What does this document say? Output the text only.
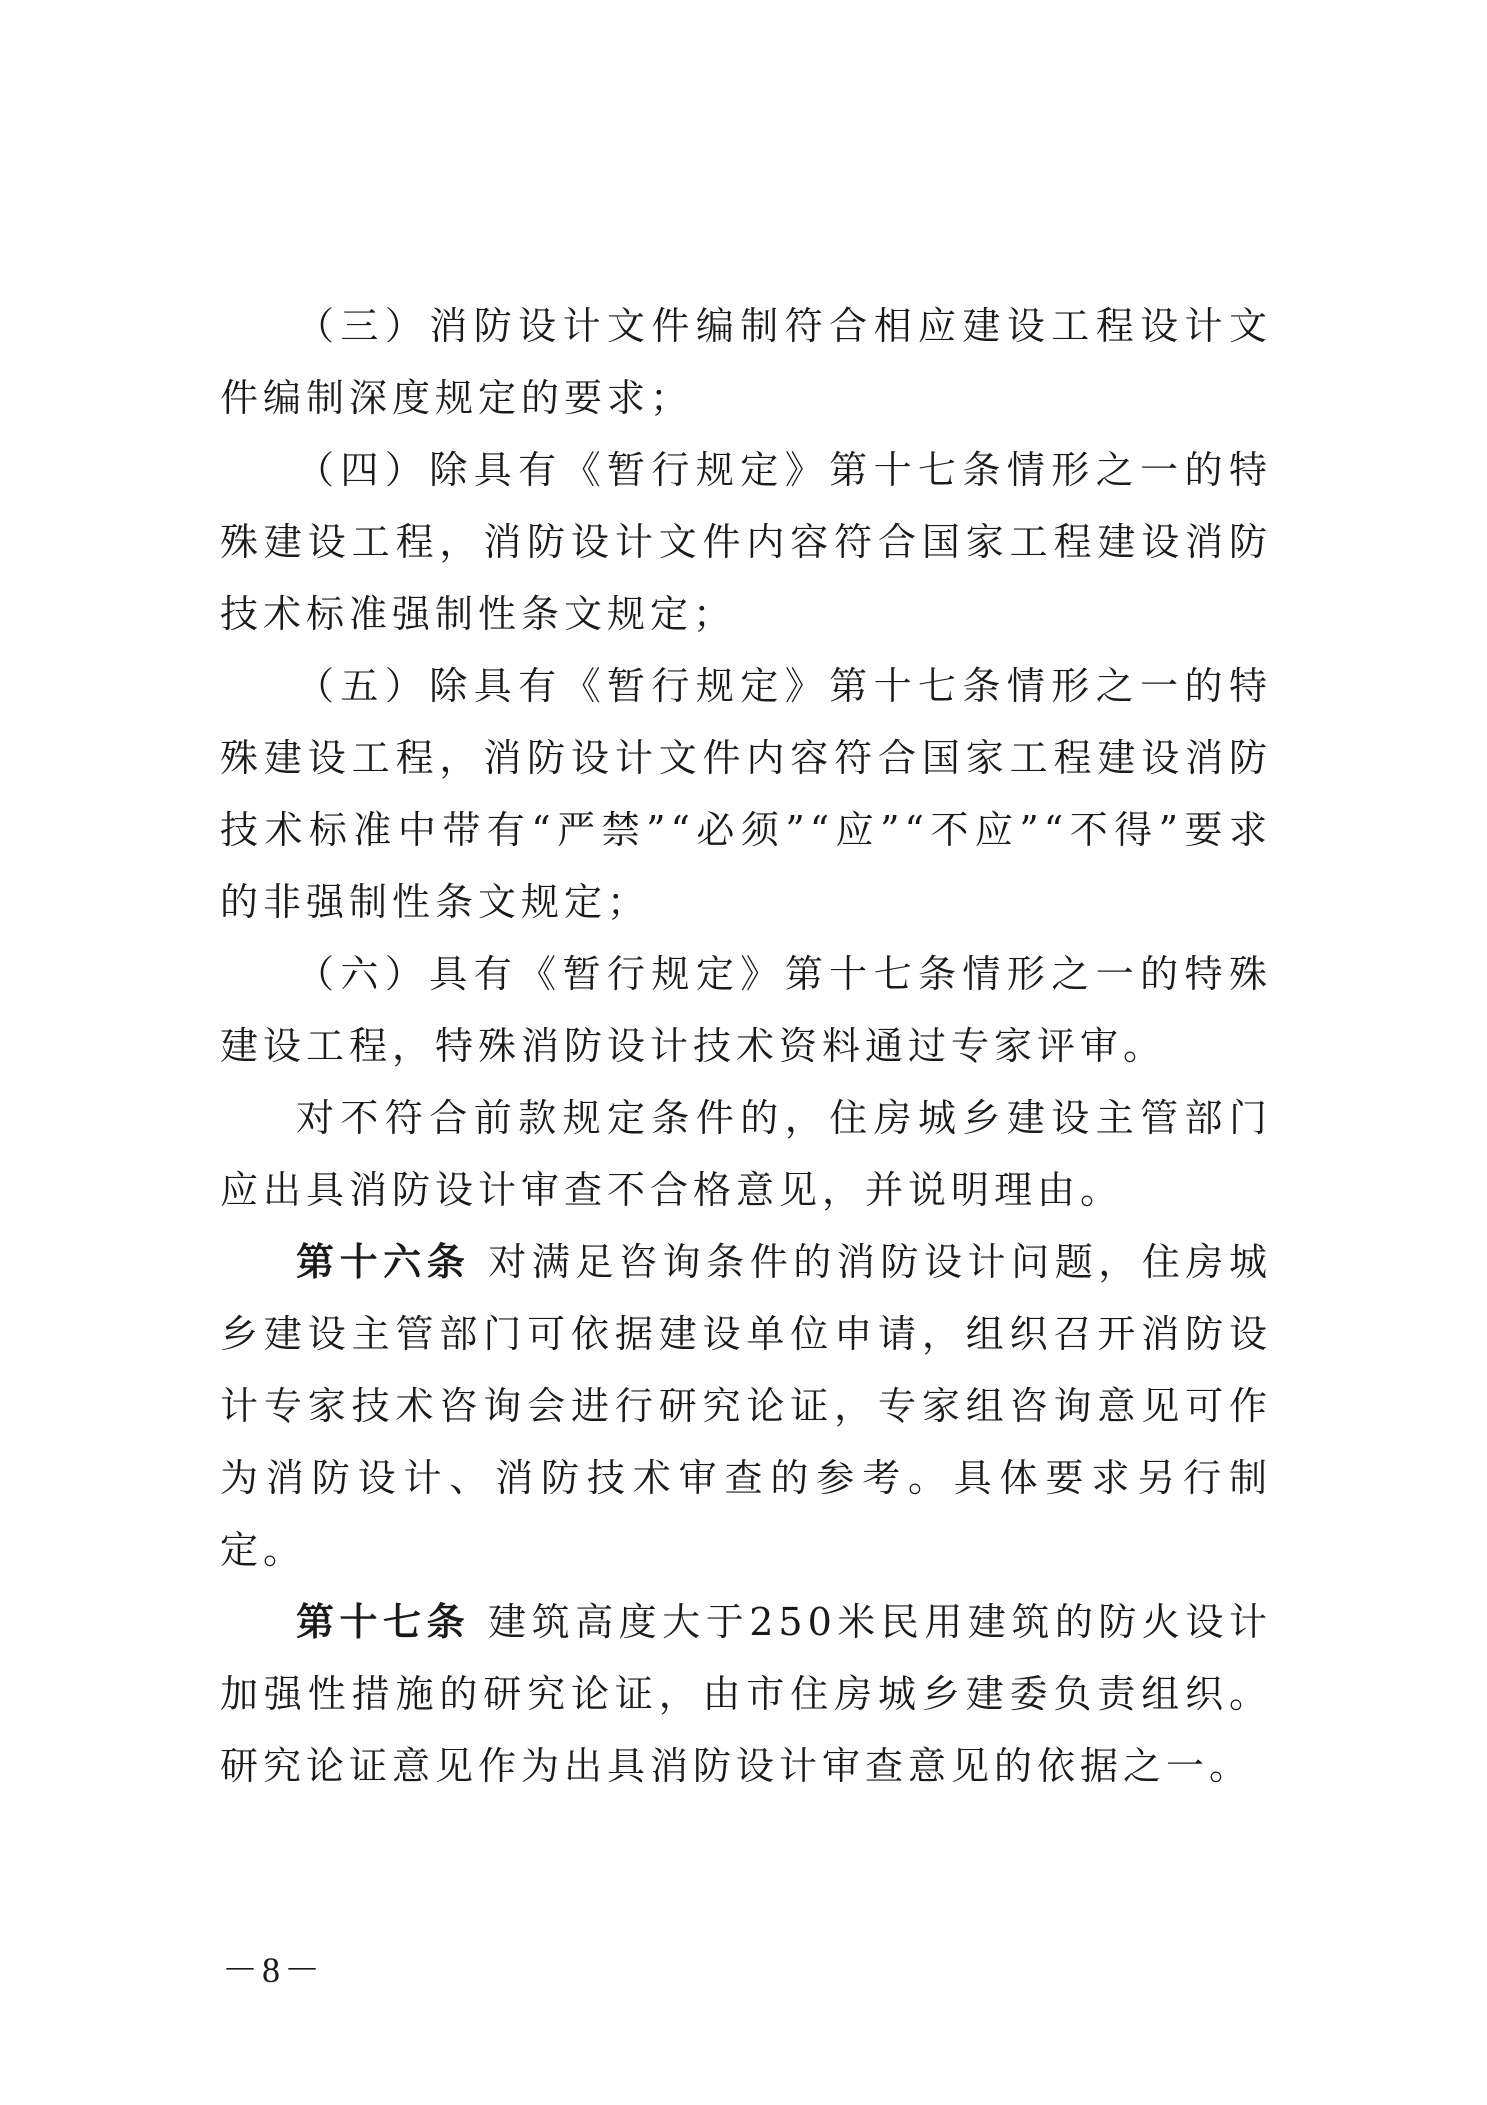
（三）消防设计文件编制符合相应建设工程设计文件编制深度规定的要求；

（四）除具有《暂行规定》第十七条情形之一的特殊建设工程，消防设计文件内容符合国家工程建设消防技术标准强制性条文规定；

（五）除具有《暂行规定》第十七条情形之一的特殊建设工程，消防设计文件内容符合国家工程建设消防技术标准中带有“严禁”“必须”“应”“不应”“不得”要求的非强制性条文规定；

（六）具有《暂行规定》第十七条情形之一的特殊建设工程，特殊消防设计技术资料通过专家评审。

对不符合前款规定条件的，住房城乡建设主管部门应出具消防设计审查不合格意见，并说明理由。

第十六条 对满足咨询条件的消防设计问题，住房城乡建设主管部门可依据建设单位申请，组织召开消防设计专家技术咨询会进行研究论证，专家组咨询意见可作为消防设计、消防技术审查的参考。具体要求另行制定。

第十七条 建筑高度大于250米民用建筑的防火设计加强性措施的研究论证，由市住房城乡建委负责组织。研究论证意见作为出具消防设计审查意见的依据之一。

－8－
